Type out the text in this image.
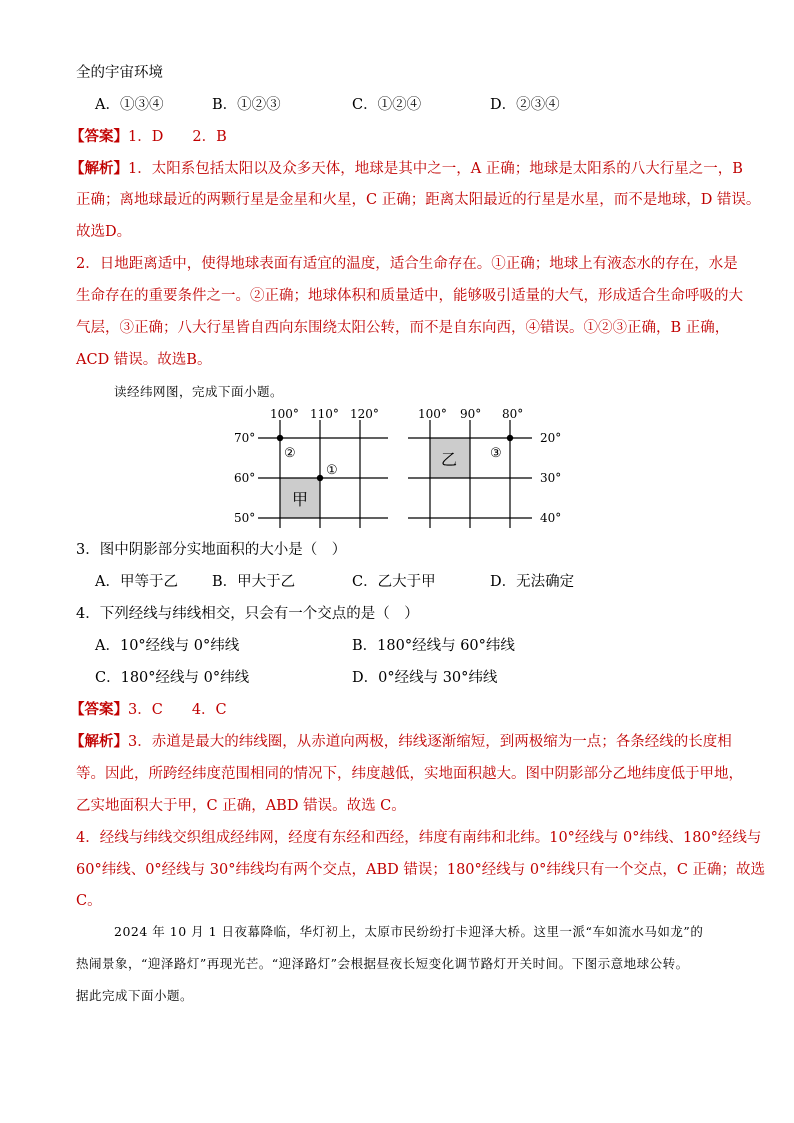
全的宇宙环境
A．①③④	B．①②③	C．①②④	D．②③④
【答案】1．D　　2．B
【解析】1．太阳系包括太阳以及众多天体，地球是其中之一，A 正确；地球是太阳系的八大行星之一，B
正确；离地球最近的两颗行星是金星和火星，C 正确；距离太阳最近的行星是水星，而不是地球，D 错误。
故选D。
2．日地距离适中，使得地球表面有适宜的温度，适合生命存在。①正确；地球上有液态水的存在，水是
生命存在的重要条件之一。②正确；地球体积和质量适中，能够吸引适量的大气，形成适合生命呼吸的大
气层，③正确；八大行星皆自西向东围绕太阳公转，而不是自东向西，④错误。①②③正确，B 正确，
ACD 错误。故选B。
读经纬网图，完成下面小题。
100° 110° 120°
70°
60°
50°
②
①
甲
100° 90° 80°
20°
30°
40°
③
乙
3．图中阴影部分实地面积的大小是（　）
A．甲等于乙 B．甲大于乙	C．乙大于甲	D．无法确定
4．下列经线与纬线相交，只会有一个交点的是（　）
A．10°经线与 0°纬线	B．180°经线与 60°纬线
C．180°经线与 0°纬线	D．0°经线与 30°纬线
【答案】3．C　　4．C
【解析】3．赤道是最大的纬线圈，从赤道向两极，纬线逐渐缩短，到两极缩为一点；各条经线的长度相
等。因此，所跨经纬度范围相同的情况下，纬度越低，实地面积越大。图中阴影部分乙地纬度低于甲地，
乙实地面积大于甲，C 正确，ABD 错误。故选 C。
4．经线与纬线交织组成经纬网，经度有东经和西经，纬度有南纬和北纬。10°经线与 0°纬线、180°经线与
60°纬线、0°经线与 30°纬线均有两个交点，ABD 错误；180°经线与 0°纬线只有一个交点，C 正确；故选
C。
2024 年 10 月 1 日夜幕降临，华灯初上，太原市民纷纷打卡迎泽大桥。这里一派“车如流水马如龙”的
热闹景象，“迎泽路灯”再现光芒。“迎泽路灯”会根据昼夜长短变化调节路灯开关时间。下图示意地球公转。
据此完成下面小题。
